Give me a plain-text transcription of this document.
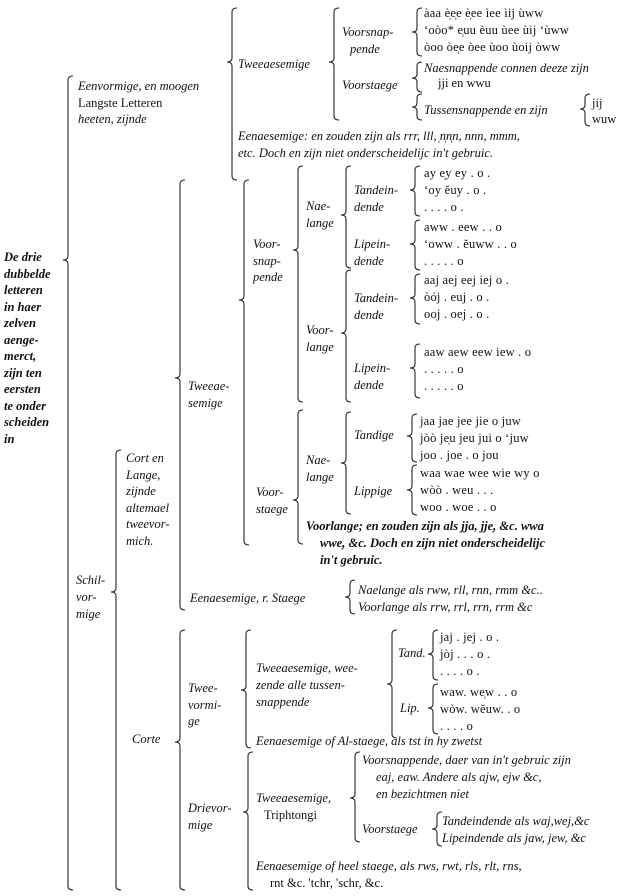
De drie
dubbelde
letteren
in haer
zelven
aenge-
merct,
zijn ten
eersten
te onder
scheiden
in
Eenvormige, en moogen
Langste Letteren
heeten, zijnde
Tweeaesemige
Voorsnap-
pende
àaa è̜e̜e è̜ee ìee ìij ùww
‘oòo* e̜uu èuu ùee ùij ‘ùww
òoo òe̜e òee ùoo ùoij òww
Voorstaege
Naesnappende connen deeze zijn
jji en wwu
Tussensnappende en zijn	jij
wuw
Eenaesemige: en zouden zijn als rrr, lll, ̜n̜n̜n, nnn, mmm,
etc. Doch en zijn niet onderscheidelijc in't gebruic.
Schil-
vor-
mige
Cort en
Lange,
zijnde
altemael
tweevor-
mich.
Tweeae-
semige
Voor-
snap-
pende
Nae-
lange
Voor-
lange
Tandein-
dende
ay e̜y ey . o .
‘oy ĕuy . o .
. . . . o .
Lipein-
dende
aww . eew . . o
‘oww . ĕuww . . o
. . . . . o
Tandein-
dende
aaj aej eej iej o .
òój . euj . o .
ooj . oej . o .
Lipein-
dende
aaw aew eew iew . o
. . . . . o
. . . . . o
Voor-
staege
Nae-
lange
Tandige
jaa jae jee jie o juw
jòò je̜u jeu jui o ‘juw
joo . joe . o jou
Lippige
waa wae wee wie wy o
wòò . weu . . .
woo . woe . . o
Voorlange; en zouden zijn als jja, jje̜, &c. wwa
wwe̜, &c. Doch en zijn niet onderscheidelijc
in't gebruic.
Eenaesemige, r. Staege
Naelange als rww, rll, rnn, rmm &c..
Voorlange als rrw, rrl, rrn, rrm &c
Corte
Twee-
vormi-
ge
Tweeaesemige, wee-
zende alle tussen-
snappende
Tand.
jaj . jej . o .
jòj . . . o .
. . . . o .
Lip.
waw. we̜w . . o
wòw. wĕuw. . o
. . . . o
Eenaesemige of Al-staege, als tst in hy zwetst
Drievor-
mige
Tweeaesemige,
Triphtongi
Voorsnappende, daer van in't gebruic zijn
eaj, eaw. Andere als ajw, ejw &c,
en bezichtmen niet
Voorstaege
Tandeindende als waj,wej,&c
Lipeindende als jaw, jew, &c
Eenaesemige of heel staege, als rws, rwt, rls, rlt, rns,
rnt &c. 'tchr, 'schr, &c.
